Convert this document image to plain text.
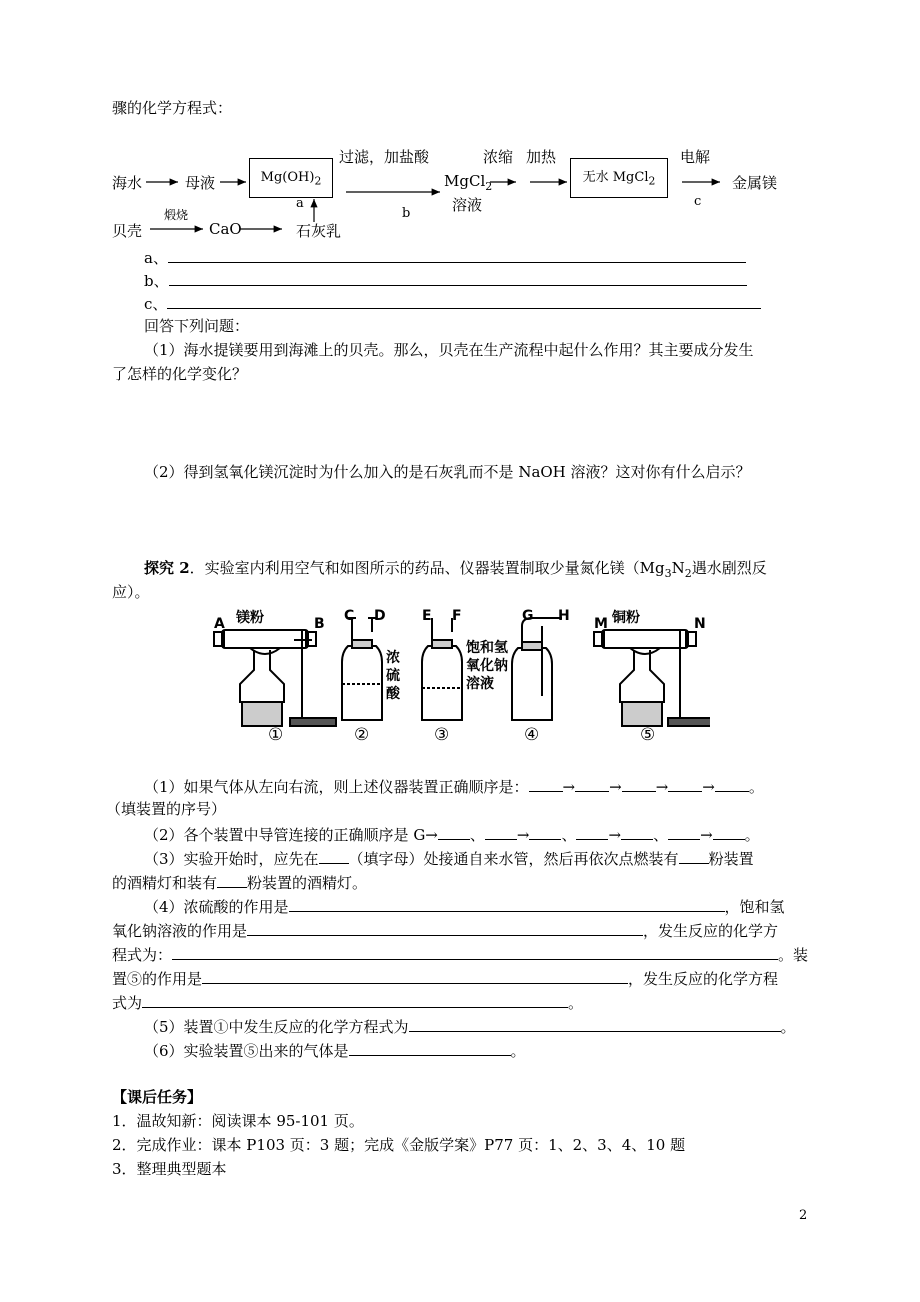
骤的化学方程式：
过滤，加盐酸	浓缩 加热	电解
海水	母液	$Mg(OH)_2$	MgCl$_2$
溶液
无水 MgCl$_2$	金属镁
a
b
c
贝壳
煅烧
CaO	石灰乳
a、
b、
c、
回答下列问题：
（1）海水提镁要用到海滩上的贝壳。那么，贝壳在生产流程中起什么作用？其主要成分发生
了怎样的化学变化？
（2）得到氢氧化镁沉淀时为什么加入的是石灰乳而不是 NaOH 溶液？这对你有什么启示？
探究 2．实验室内利用空气和如图所示的药品、仪器装置制取少量氮化镁（$Mg_3N_2$遇水剧烈反
应）。
A 镁粉	B C D
浓
硫
酸
E F
饱和氢
氧化钠
溶液
G H M 铜粉	N
①	②	③	④	⑤
（1）如果气体从左向右流，则上述仪器装置正确顺序是： → → → → 。
（填装置的序号）
（2）各个装置中导管连接的正确顺序是 G→ 、 → 、 → 、 → 。
（3）实验开始时，应先在 （填字母）处接通自来水管，然后再依次点燃装有 粉装置
的酒精灯和装有 粉装置的酒精灯。
（4）浓硫酸的作用是	，饱和氢
氧化钠溶液的作用是	，发生反应的化学方
程式为：	。装
置⑤的作用是	，发生反应的化学方程
式为	。
（5）装置①中发生反应的化学方程式为	。
（6）实验装置⑤出来的气体是	。
【课后任务】
1．温故知新：阅读课本 95-101 页。
2．完成作业：课本 P103 页：3 题；完成《金版学案》P77 页：1、2、3、4、10 题
3．整理典型题本
2
